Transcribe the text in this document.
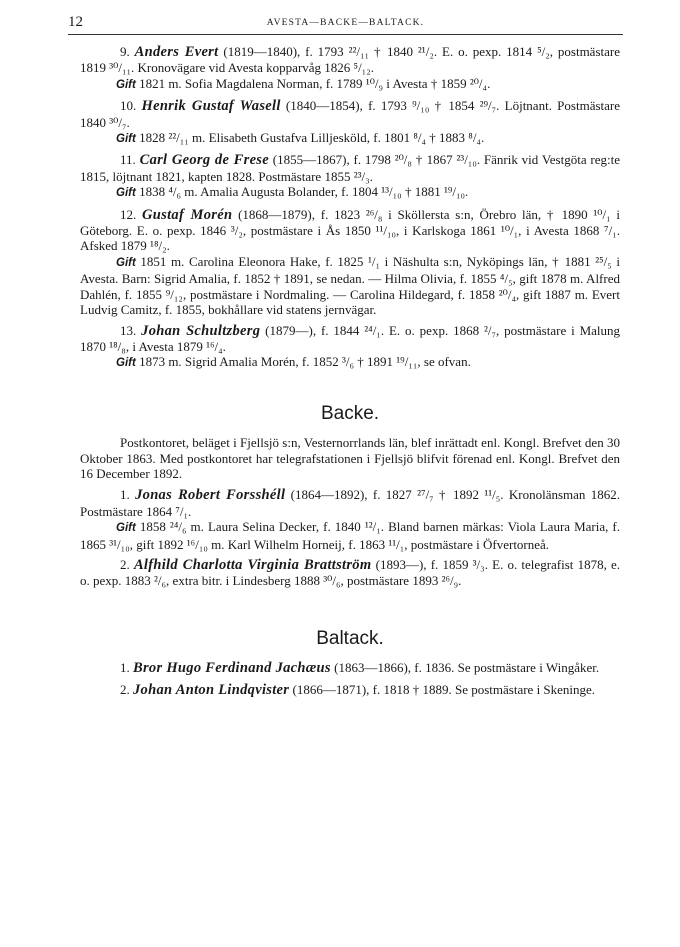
12	AVESTA—BACKE—BALTACK.

9. Anders Evert (1819—1840), f. 1793 ²²/₁₁ † 1840 ²¹/₂. E. o. pexp. 1814 ⁵/₂, postmästare 1819 ³⁰/₁₁. Kronovägare vid Avesta kopparvåg 1826 ⁵/₁₂.

Gift 1821 m. Sofia Magdalena Norman, f. 1789 ¹⁰/₉ i Avesta † 1859 ²⁰/₄.

10. Henrik Gustaf Wasell (1840—1854), f. 1793 ⁹/₁₀ † 1854 ²⁹/₇. Löjtnant. Postmästare 1840 ³⁰/₇.

Gift 1828 ²²/₁₁ m. Elisabeth Gustafva Lilljesköld, f. 1801 ⁸/₄ † 1883 ⁸/₄.

11. Carl Georg de Frese (1855—1867), f. 1798 ²⁰/₈ † 1867 ²³/₁₀. Fänrik vid Vestgöta reg:te 1815, löjtnant 1821, kapten 1828. Postmästare 1855 ²³/₃.

Gift 1838 ⁴/₆ m. Amalia Augusta Bolander, f. 1804 ¹³/₁₀ † 1881 ¹⁹/₁₀.

12. Gustaf Morén (1868—1879), f. 1823 ²⁶/₈ i Sköllersta s:n, Örebro län, † 1890 ¹⁰/₁ i Göteborg. E. o. pexp. 1846 ³/₂, postmästare i Ås 1850 ¹¹/₁₀, i Karlskoga 1861 ¹⁰/₁, i Avesta 1868 ⁷/₁. Afsked 1879 ¹⁸/₂.

Gift 1851 m. Carolina Eleonora Hake, f. 1825 ¹/₁ i Näshulta s:n, Nyköpings län, † 1881 ²⁵/₅ i Avesta. Barn: Sigrid Amalia, f. 1852 † 1891, se nedan. — Hilma Olivia, f. 1855 ⁴/₅, gift 1878 m. Alfred Dahlén, f. 1855 ⁹/₁₂, postmästare i Nordmaling. — Carolina Hildegard, f. 1858 ²⁰/₄, gift 1887 m. Evert Ludvig Camitz, f. 1855, bokhållare vid statens jernvägar.

13. Johan Schultzberg (1879—), f. 1844 ²⁴/₁. E. o. pexp. 1868 ²/₇, postmästare i Malung 1870 ¹⁸/₈, i Avesta 1879 ¹⁶/₄.

Gift 1873 m. Sigrid Amalia Morén, f. 1852 ³/₆ † 1891 ¹⁹/₁₁, se ofvan.

Backe.

Postkontoret, beläget i Fjellsjö s:n, Vesternorrlands län, blef inrättadt enl. Kongl. Brefvet den 30 Oktober 1863. Med postkontoret har telegrafstationen i Fjellsjö blifvit förenad enl. Kongl. Brefvet den 16 December 1892.

1. Jonas Robert Forsshéll (1864—1892), f. 1827 ²⁷/₇ † 1892 ¹¹/₅. Kronolänsman 1862. Postmästare 1864 ⁷/₁.

Gift 1858 ²⁴/₆ m. Laura Selina Decker, f. 1840 ¹²/₁. Bland barnen märkas: Viola Laura Maria, f. 1865 ³¹/₁₀, gift 1892 ¹⁶/₁₀ m. Karl Wilhelm Horneij, f. 1863 ¹¹/₁, postmästare i Öfvertorneå.

2. Alfhild Charlotta Virginia Brattström (1893—), f. 1859 ³/₃. E. o. telegrafist 1878, e. o. pexp. 1883 ²/₆, extra bitr. i Lindesberg 1888 ³⁰/₆, postmästare 1893 ²⁶/₉.

Baltack.

1. Bror Hugo Ferdinand Jachæus (1863—1866), f. 1836. Se postmästare i Wingåker.

2. Johan Anton Lindqvister (1866—1871), f. 1818 † 1889. Se postmästare i Skeninge.
